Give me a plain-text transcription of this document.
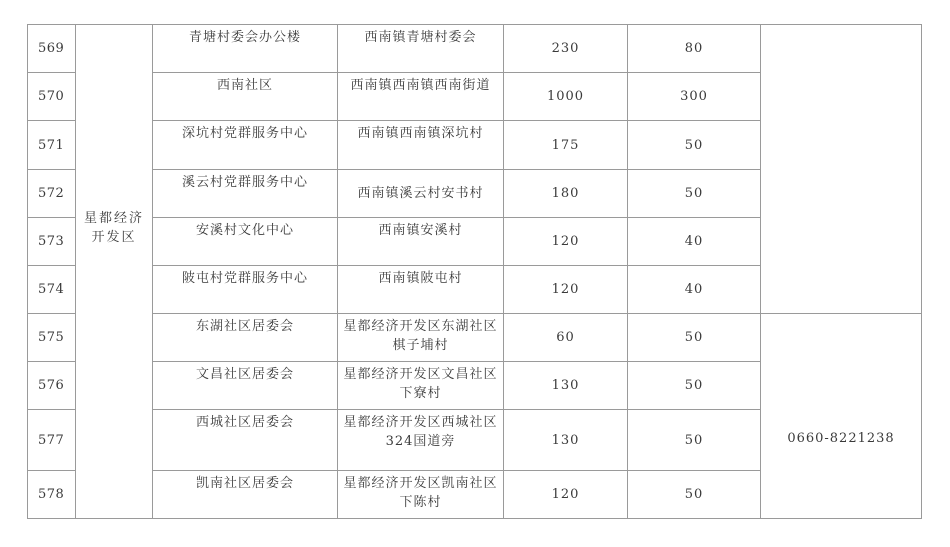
569	星都经济开发区	青塘村委会办公楼	西南镇青塘村委会	230	80	
570		西南社区	西南镇西南镇西南街道	1000	300	
571		深坑村党群服务中心	西南镇西南镇深坑村	175	50	
572		溪云村党群服务中心	西南镇溪云村安书村	180	50	
573		安溪村文化中心	西南镇安溪村	120	40	
574		陂屯村党群服务中心	西南镇陂屯村	120	40	
575		东湖社区居委会	星都经济开发区东湖社区棋子埔村	60	50	0660-8221238

576		文昌社区居委会	星都经济开发区文昌社区下寮村	130	50	
577		西城社区居委会	星都经济开发区西城社区324国道旁	130	50	
578		凯南社区居委会	星都经济开发区凯南社区下陈村	120	50	
